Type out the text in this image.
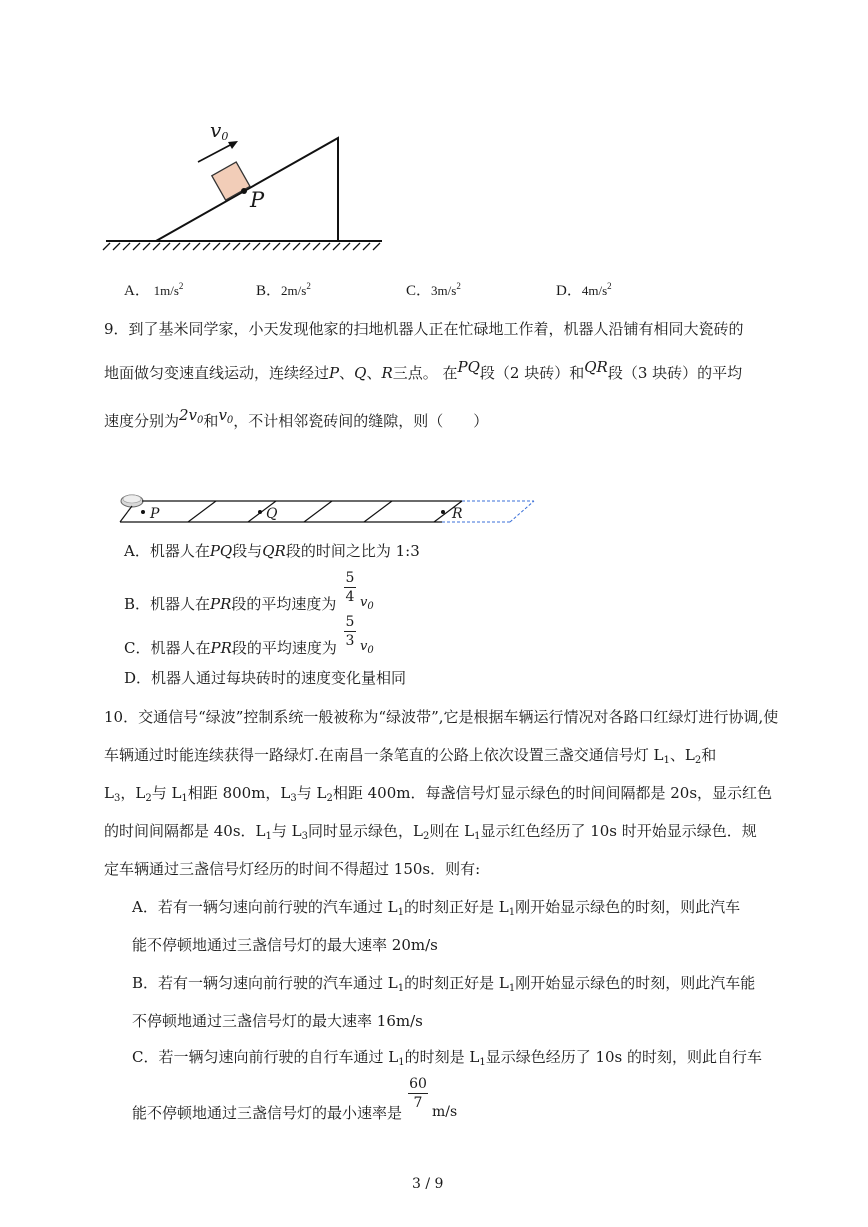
$v_0$
P
A． $1m/s^2$	B．$2m/s^2$	C．$3m/s^2$	D．$4m/s^2$
9．到了基米同学家，小天发现他家的扫地机器人正在忙碌地工作着，机器人沿铺有相同大瓷砖的
地面做匀变速直线运动，连续经过P、Q、R三点。 在PQ段（2 块砖）和QR段（3 块砖）的平均
速度分别为$2v_0$和$v_0$，不计相邻瓷砖间的缝隙，则（　　）
P	Q	R
A．机器人在PQ段与QR段的时间之比为 1:3
B．机器人在PR段的平均速度为
5
4 $v_0$
C．机器人在PR段的平均速度为
5
3 $v_0$
D．机器人通过每块砖时的速度变化量相同
10．交通信号“绿波”控制系统一般被称为“绿波带”,它是根据车辆运行情况对各路口红绿灯进行协调,使
车辆通过时能连续获得一路绿灯.在南昌一条笔直的公路上依次设置三盏交通信号灯 $L_1$、$L_2$和
$L_3$，$L_2$与 $L_1$相距 800m，$L_3$与 $L_2$相距 400m．每盏信号灯显示绿色的时间间隔都是 20s，显示红色
的时间间隔都是 40s．$L_1$与 $L_3$同时显示绿色，$L_2$则在 $L_1$显示红色经历了 10s 时开始显示绿色．规
定车辆通过三盏信号灯经历的时间不得超过 150s．则有:
A．若有一辆匀速向前行驶的汽车通过 $L_1$的时刻正好是 $L_1$刚开始显示绿色的时刻，则此汽车
能不停顿地通过三盏信号灯的最大速率 20m/s
B．若有一辆匀速向前行驶的汽车通过 $L_1$的时刻正好是 $L_1$刚开始显示绿色的时刻，则此汽车能
不停顿地通过三盏信号灯的最大速率 16m/s
C．若一辆匀速向前行驶的自行车通过 $L_1$的时刻是 $L_1$显示绿色经历了 10s 的时刻，则此自行车
能不停顿地通过三盏信号灯的最小速率是
60
7
m/s
3 / 9
